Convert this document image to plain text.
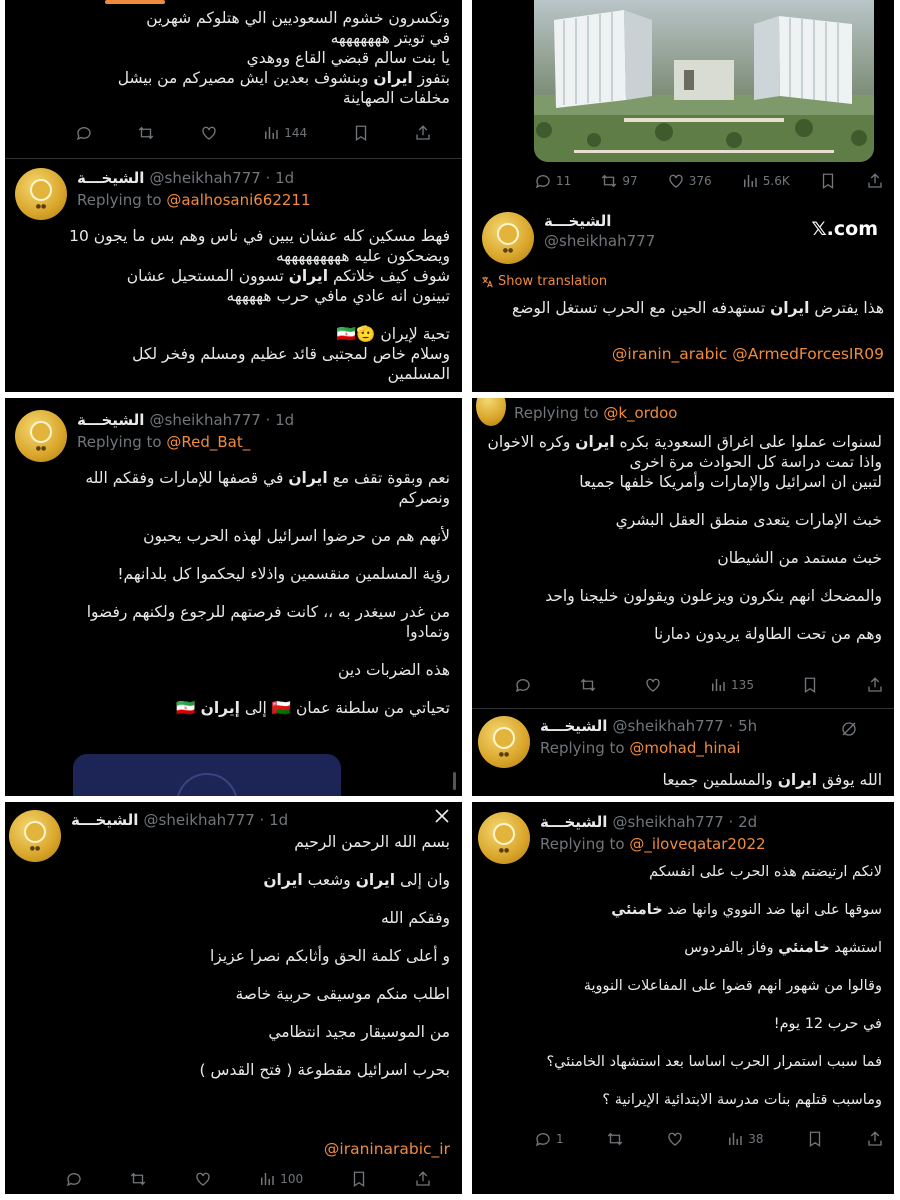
وتكسرون خشوم السعوديين الي هتلوكم شهرين

في تويتر هههههههه

يا بنت سالم قبضي القاع ووهدي

بتفوز ايران وبنشوف بعدين ايش مصيركم من بيشل

مخلفات الصهاينة

144
●●
الشيخـــة @sheikhah777 · 1d
Replying to @aalhosani662211

فهط مسكين كله عشان يبين في ناس وهم بس ما يجون 10

ويضحكون عليه هههههههههه

شوف كيف خلاتكم ايران تسوون المستحيل عشان

تبينون انه عادي مافي حرب هههههه

تحية لإيران 🫡🇮🇷

وسلام خاص لمجتبى قائد عظيم ومسلم وفخر لكل

المسلمين

11	97	376	5.6K
●●
الشيخـــة
@sheikhah777
𝕏.com
Show translation

هذا يفترض ايران تستهدفه الحين مع الحرب تستغل الوضع

@iranin_arabic @ArmedForcesIR09
●●
الشيخـــة @sheikhah777 · 1d
Replying to @Red_Bat_

نعم وبقوة تقف مع ايران في قصفها للإمارات وفقكم الله

ونصركم

لأنهم هم من حرضوا اسرائيل لهذه الحرب يحبون

رؤية المسلمين منقسمين واذلاء ليحكموا كل بلدانهم!

من غدر سيغدر به ،، كانت فرصتهم للرجوع ولكنهم رفضوا

وتمادوا

هذه الضربات دين

تحياتي من سلطنة عمان 🇴🇲 إلى إيران 🇮🇷

Replying to @k_ordoo

لسنوات عملوا على اغراق السعودية بكره ايران وكره الاخوان

واذا تمت دراسة كل الحوادث مرة اخرى

لتبين ان اسرائيل والإمارات وأمريكا خلفها جميعا

خبث الإمارات يتعدى منطق العقل البشري

خبث مستمد من الشيطان

والمضحك انهم ينكرون ويزعلون ويقولون خليجنا واحد

وهم من تحت الطاولة يريدون دمارنا

135
●●
الشيخـــة @sheikhah777 · 5h
Replying to @mohad_hinai

الله يوفق ايران والمسلمين جميعا

●●
الشيخـــة @sheikhah777 · 1d

بسم الله الرحمن الرحيم

وان إلى ايران وشعب ايران

وفقكم الله

و أعلى كلمة الحق وأثابكم نصرا عزيزا

اطلب منكم موسيقى حربية خاصة

من الموسيقار مجيد انتظامي

بحرب اسرائيل مقطوعة ( فتح القدس )

@iraninarabic_ir
100
●●
الشيخـــة @sheikhah777 · 2d
Replying to @_iloveqatar2022

لانكم ارتيضتم هذه الحرب على انفسكم

سوقها على انها ضد النووي وانها ضد خامنئي

استشهد خامنئي وفاز بالفردوس

وقالوا من شهور انهم قضوا على المفاعلات النووية

في حرب 12 يوم!

فما سبب استمرار الحرب اساسا بعد استشهاد الخامنئي؟

وماسبب قتلهم بنات مدرسة الابتدائية الإيرانية ؟

1	38
